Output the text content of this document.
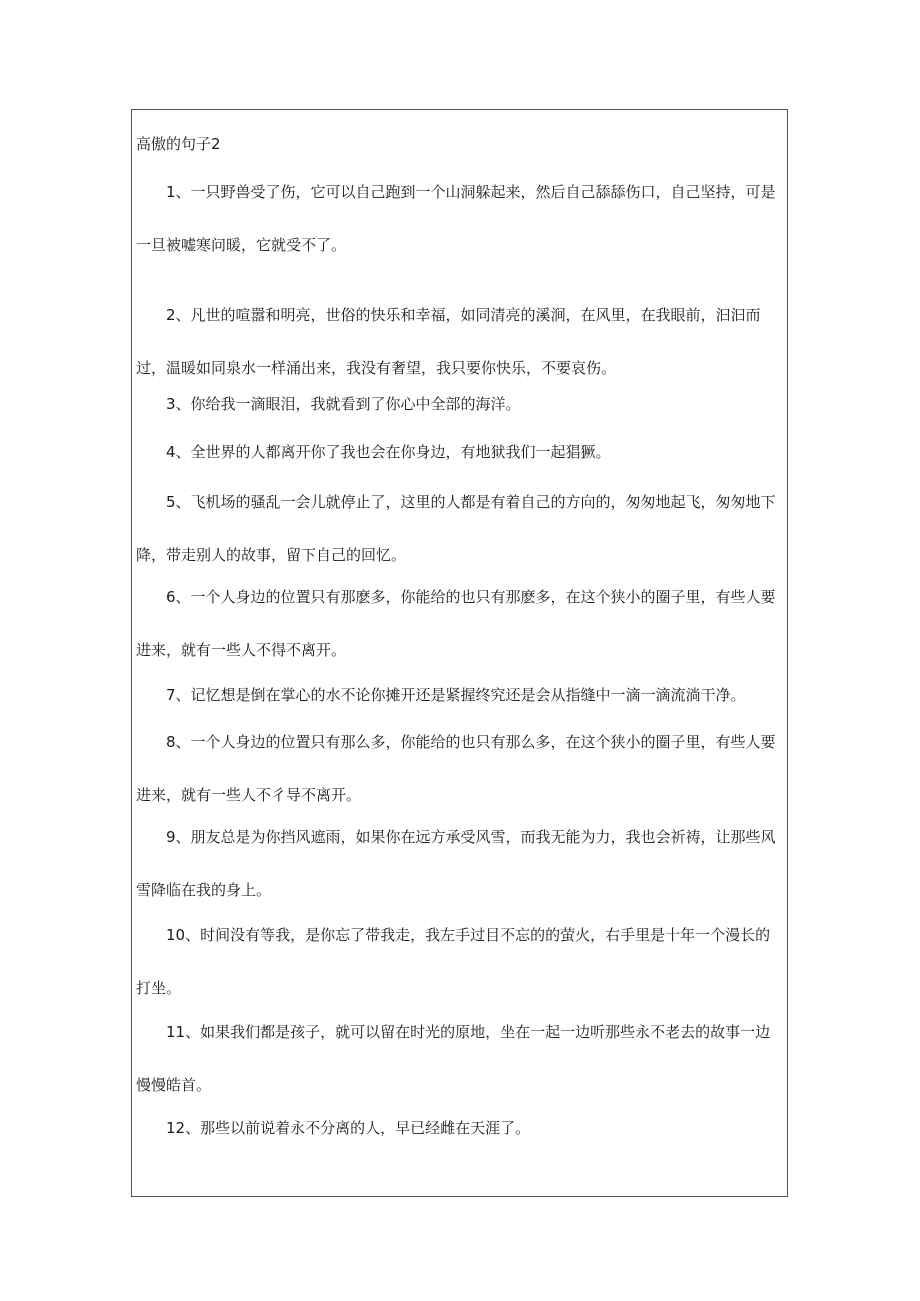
高傲的句子2

1、一只野兽受了伤，它可以自己跑到一个山洞躲起来，然后自己舔舔伤口，自己坚持，可是一旦被嘘寒问暖，它就受不了。

2、凡世的喧嚣和明亮，世俗的快乐和幸福，如同清亮的溪涧，在风里，在我眼前，汩汩而过，温暖如同泉水一样涌出来，我没有奢望，我只要你快乐，不要哀伤。

3、你给我一滴眼泪，我就看到了你心中全部的海洋。

4、全世界的人都离开你了我也会在你身边，有地狱我们一起猖獗。

5、飞机场的骚乱一会儿就停止了，这里的人都是有着自己的方向的，匆匆地起飞，匆匆地下降，带走别人的故事，留下自己的回忆。

6、一个人身边的位置只有那麽多，你能给的也只有那麽多，在这个狭小的圈子里，有些人要进来，就有一些人不得不离开。

7、记忆想是倒在掌心的水不论你摊开还是紧握终究还是会从指缝中一滴一滴流淌干净。

8、一个人身边的位置只有那么多，你能给的也只有那么多，在这个狭小的圈子里，有些人要进来，就有一些人不彳导不离开。

9、朋友总是为你挡风遮雨，如果你在远方承受风雪，而我无能为力，我也会祈祷，让那些风雪降临在我的身上。

10、时间没有等我，是你忘了带我走，我左手过目不忘的的萤火，右手里是十年一个漫长的打坐。

11、如果我们都是孩子，就可以留在时光的原地，坐在一起一边听那些永不老去的故事一边慢慢皓首。

12、那些以前说着永不分离的人，早已经雌在天涯了。
